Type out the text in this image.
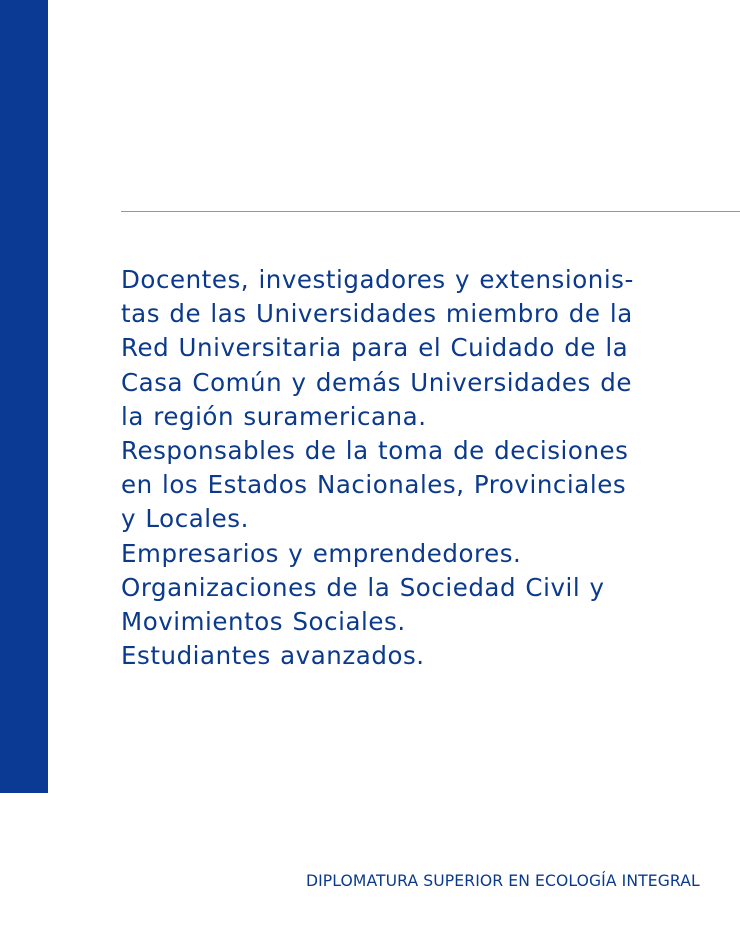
Docentes, investigadores y extensionis-
tas de las Universidades miembro de la
Red Universitaria para el Cuidado de la
Casa Común y demás Universidades de
la región suramericana.
Responsables de la toma de decisiones
en los Estados Nacionales, Provinciales
y Locales.
Empresarios y emprendedores.
Organizaciones de la Sociedad Civil y
Movimientos Sociales.
Estudiantes avanzados.
DIPLOMATURA SUPERIOR EN ECOLOGÍA INTEGRAL
